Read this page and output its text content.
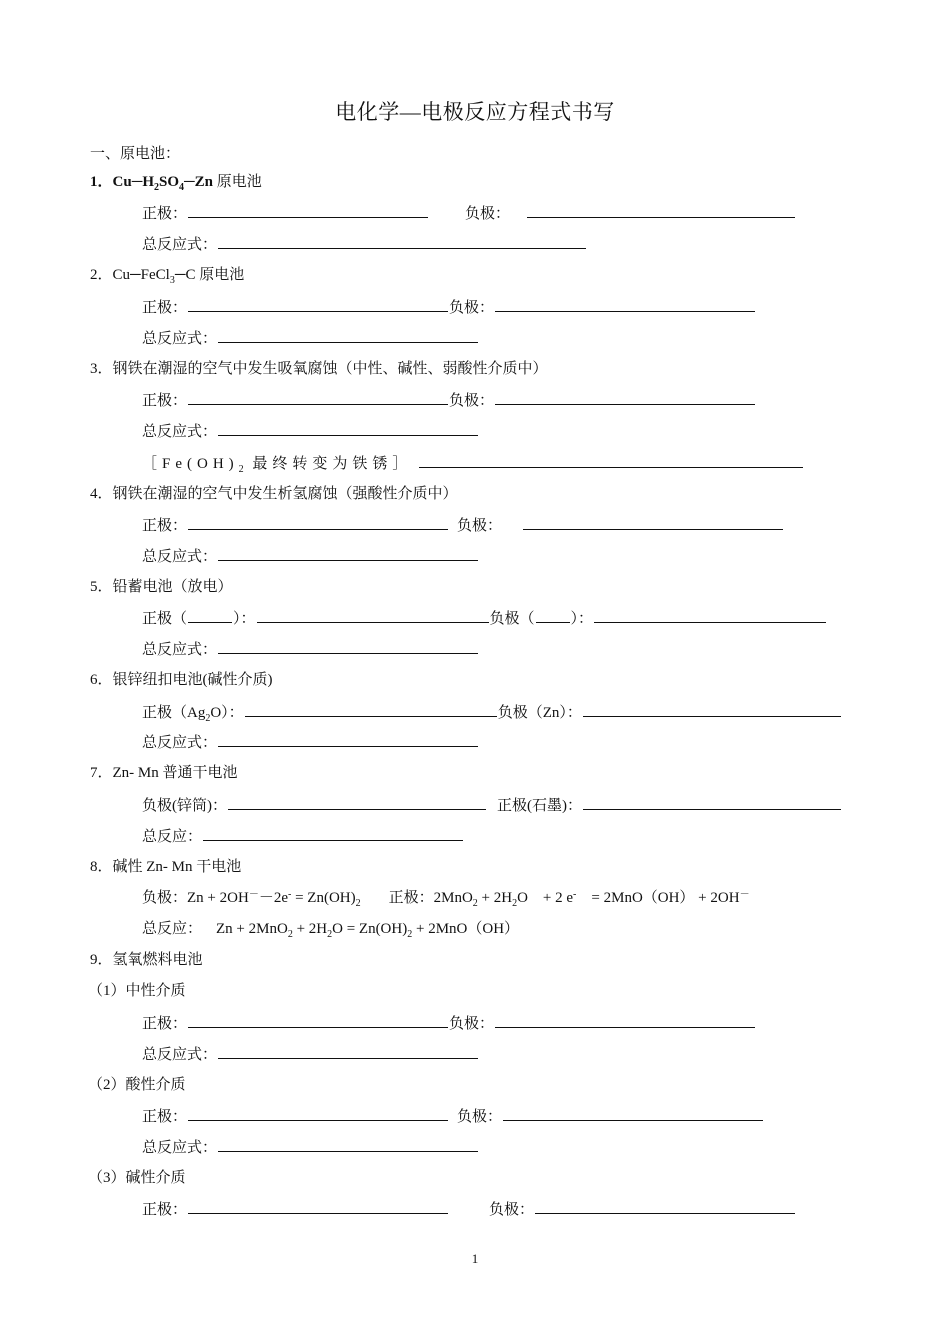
电化学—电极反应方程式书写
一、原电池：
1．$Cu─H_2SO_4─Zn$ 原电池
正极：	负极：
总反应式：
2．Cu─FeCl$_3$─C 原电池
正极：	负极：
总反应式：
3．钢铁在潮湿的空气中发生吸氧腐蚀（中性、碱性、弱酸性介质中）
正极：	负极：
总反应式：
$[Fe(OH)_2$ 最终转变为铁锈］
4．钢铁在潮湿的空气中发生析氢腐蚀（强酸性介质中）
正极：	负极：
总反应式：
5．铅蓄电池（放电）
正极（	）：	负极（ ）：
总反应式：
6．银锌纽扣电池(碱性介质)
正极$(Ag_2O)$：	负极（Zn）：
总反应式：
7．Zn- Mn 普通干电池
负极(锌筒)：	正极(石墨)：
总反应：
8．碱性 Zn- Mn 干电池
负极：$Zn + 2OH^--2e^- = Zn(OH)_2$ 正极：$2MnO_2 + 2H_2O$　+ 2 e-　= 2MnO（OH） + 2OH－
总反应： $Zn + 2MnO_2 + 2H_2O = Zn(OH)_2 + 2MnO(OH)$
9．氢氧燃料电池
（1）中性介质
正极：	负极：
总反应式：
（2）酸性介质
正极：	负极：
总反应式：
（3）碱性介质
正极：	负极：
1
